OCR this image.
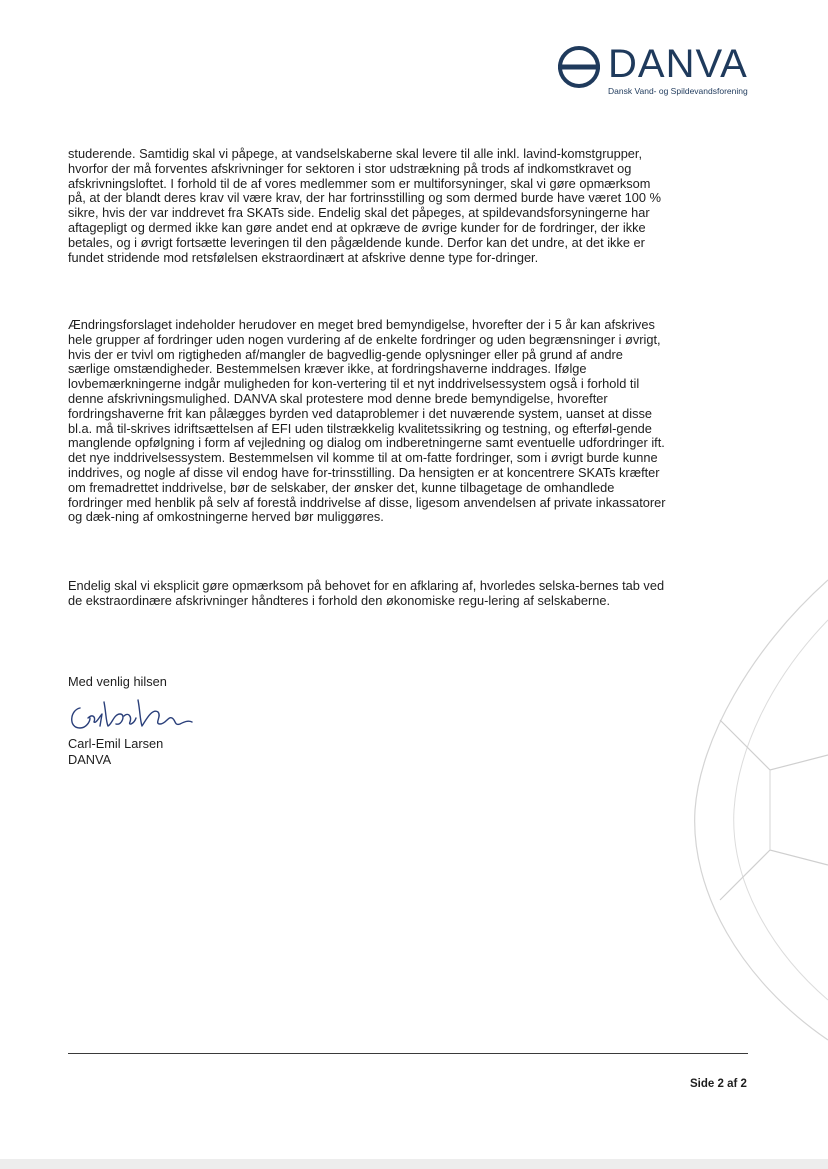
DANVA
Dansk Vand- og Spildevandsforening

studerende. Samtidig skal vi påpege, at vandselskaberne skal levere til alle inkl. lavind-komstgrupper, hvorfor der må forventes afskrivninger for sektoren i stor udstrækning på trods af indkomstkravet og afskrivningsloftet. I forhold til de af vores medlemmer som er multiforsyninger, skal vi gøre opmærksom på, at der blandt deres krav vil være krav, der har fortrinsstilling og som dermed burde have været 100 % sikre, hvis der var inddrevet fra SKATs side. Endelig skal det påpeges, at spildevandsforsyningerne har aftagepligt og dermed ikke kan gøre andet end at opkræve de øvrige kunder for de fordringer, der ikke betales, og i øvrigt fortsætte leveringen til den pågældende kunde. Derfor kan det undre, at det ikke er fundet stridende mod retsfølelsen ekstraordinært at afskrive denne type for-dringer.

Ændringsforslaget indeholder herudover en meget bred bemyndigelse, hvorefter der i 5 år kan afskrives hele grupper af fordringer uden nogen vurdering af de enkelte fordringer og uden begrænsninger i øvrigt, hvis der er tvivl om rigtigheden af/mangler de bagvedlig-gende oplysninger eller på grund af andre særlige omstændigheder. Bestemmelsen kræver ikke, at fordringshaverne inddrages. Ifølge lovbemærkningerne indgår muligheden for kon-vertering til et nyt inddrivelsessystem også i forhold til denne afskrivningsmulighed. DANVA skal protestere mod denne brede bemyndigelse, hvorefter fordringshaverne frit kan pålægges byrden ved dataproblemer i det nuværende system, uanset at disse bl.a. må til-skrives idriftsættelsen af EFI uden tilstrækkelig kvalitetssikring og testning, og efterføl-gende manglende opfølgning i form af vejledning og dialog om indberetningerne samt eventuelle udfordringer ift. det nye inddrivelsessystem. Bestemmelsen vil komme til at om-fatte fordringer, som i øvrigt burde kunne inddrives, og nogle af disse vil endog have for-trinsstilling. Da hensigten er at koncentrere SKATs kræfter om fremadrettet inddrivelse, bør de selskaber, der ønsker det, kunne tilbagetage de omhandlede fordringer med henblik på selv af forestå inddrivelse af disse, ligesom anvendelsen af private inkassatorer og dæk-ning af omkostningerne herved bør muliggøres.

Endelig skal vi eksplicit gøre opmærksom på behovet for en afklaring af, hvorledes selska-bernes tab ved de ekstraordinære afskrivninger håndteres i forhold den økonomiske regu-lering af selskaberne.

Med venlig hilsen

Carl-Emil Larsen
DANVA
Side 2 af 2
